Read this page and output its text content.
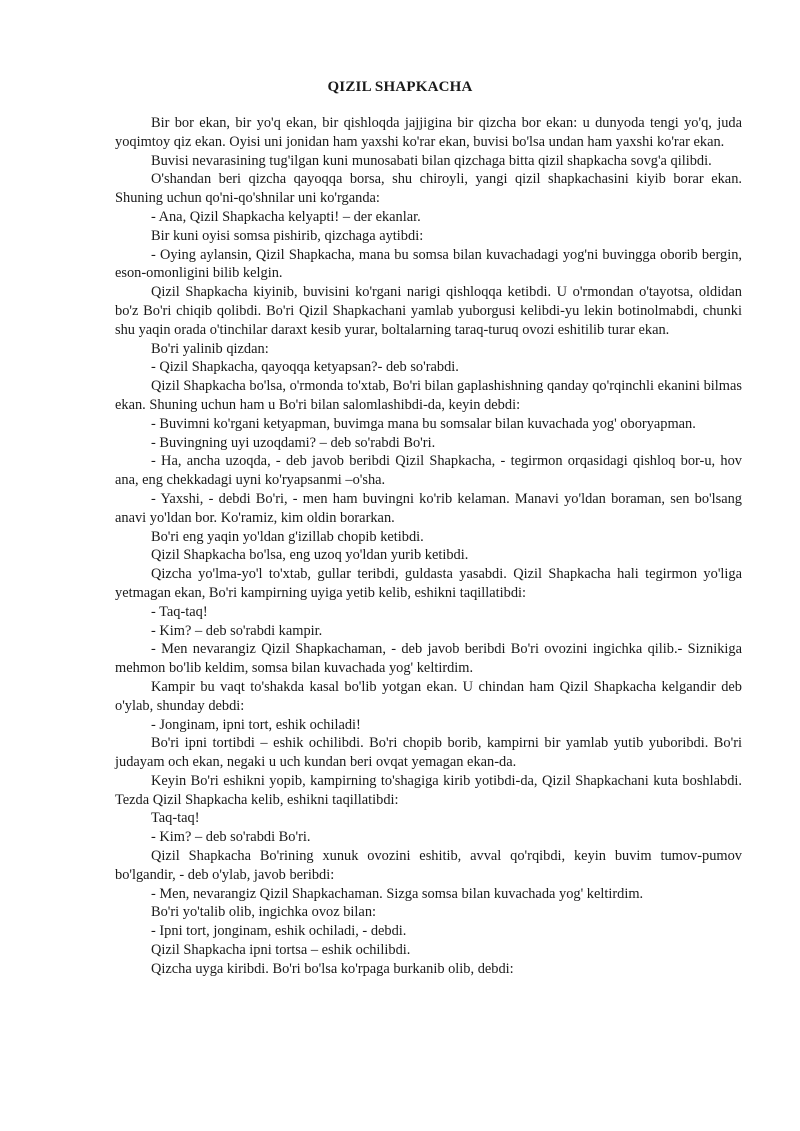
QIZIL SHAPKACHA

Bir bor ekan, bir yo'q ekan, bir qishloqda jajjigina bir qizcha bor ekan: u dunyoda tengi yo'q, juda yoqimtoy qiz ekan. Oyisi uni jonidan ham yaxshi ko'rar ekan, buvisi bo'lsa undan ham yaxshi ko'rar ekan.

Buvisi nevarasining tug'ilgan kuni munosabati bilan qizchaga bitta qizil shapkacha sovg'a qilibdi.

O'shandan beri qizcha qayoqqa borsa, shu chiroyli, yangi qizil shapkachasini kiyib borar ekan. Shuning uchun qo'ni-qo'shnilar uni ko'rganda:

- Ana, Qizil Shapkacha kelyapti! – der ekanlar.

Bir kuni oyisi somsa pishirib, qizchaga aytibdi:

- Oying aylansin, Qizil Shapkacha, mana bu somsa bilan kuvachadagi yog'ni buvingga oborib bergin, eson-omonligini bilib kelgin.

Qizil Shapkacha kiyinib, buvisini ko'rgani narigi qishloqqa ketibdi. U o'rmondan o'tayotsa, oldidan bo'z Bo'ri chiqib qolibdi. Bo'ri Qizil Shapkachani yamlab yuborgusi kelibdi-yu lekin botinolmabdi, chunki shu yaqin orada o'tinchilar daraxt kesib yurar, boltalarning taraq-turuq ovozi eshitilib turar ekan.

Bo'ri yalinib qizdan:

- Qizil Shapkacha, qayoqqa ketyapsan?- deb so'rabdi.

Qizil Shapkacha bo'lsa, o'rmonda to'xtab, Bo'ri bilan gaplashishning qanday qo'rqinchli ekanini bilmas ekan. Shuning uchun ham u Bo'ri bilan salomlashibdi-da, keyin debdi:

- Buvimni ko'rgani ketyapman, buvimga mana bu somsalar bilan kuvachada yog' oboryapman.

- Buvingning uyi uzoqdami? – deb so'rabdi Bo'ri.

- Ha, ancha uzoqda, - deb javob beribdi Qizil Shapkacha, - tegirmon orqasidagi qishloq bor-u, hov ana, eng chekkadagi uyni ko'ryapsanmi –o'sha.

- Yaxshi, - debdi Bo'ri, - men ham buvingni ko'rib kelaman. Manavi yo'ldan boraman, sen bo'lsang anavi yo'ldan bor. Ko'ramiz, kim oldin borarkan.

Bo'ri eng yaqin yo'ldan g'izillab chopib ketibdi.

Qizil Shapkacha bo'lsa, eng uzoq yo'ldan yurib ketibdi.

Qizcha yo'lma-yo'l to'xtab, gullar teribdi, guldasta yasabdi. Qizil Shapkacha hali tegirmon yo'liga yetmagan ekan, Bo'ri kampirning uyiga yetib kelib, eshikni taqillatibdi:

- Taq-taq!

- Kim? – deb so'rabdi kampir.

- Men nevarangiz Qizil Shapkachaman, - deb javob beribdi Bo'ri ovozini ingichka qilib.- Siznikiga mehmon bo'lib keldim, somsa bilan kuvachada yog' keltirdim.

Kampir bu vaqt to'shakda kasal bo'lib yotgan ekan. U chindan ham Qizil Shapkacha kelgandir deb o'ylab, shunday debdi:

- Jonginam, ipni tort, eshik ochiladi!

Bo'ri ipni tortibdi – eshik ochilibdi. Bo'ri chopib borib, kampirni bir yamlab yutib yuboribdi. Bo'ri judayam och ekan, negaki u uch kundan beri ovqat yemagan ekan-da.

Keyin Bo'ri eshikni yopib, kampirning to'shagiga kirib yotibdi-da, Qizil Shapkachani kuta boshlabdi. Tezda Qizil Shapkacha kelib, eshikni taqillatibdi:

Taq-taq!

- Kim? – deb so'rabdi Bo'ri.

Qizil Shapkacha Bo'rining xunuk ovozini eshitib, avval qo'rqibdi, keyin buvim tumov-pumov bo'lgandir, - deb o'ylab, javob beribdi:

- Men, nevarangiz Qizil Shapkachaman. Sizga somsa bilan kuvachada yog' keltirdim.

Bo'ri yo'talib olib, ingichka ovoz bilan:

- Ipni tort, jonginam, eshik ochiladi, - debdi.

Qizil Shapkacha ipni tortsa – eshik ochilibdi.

Qizcha uyga kiribdi. Bo'ri bo'lsa ko'rpaga burkanib olib, debdi:
